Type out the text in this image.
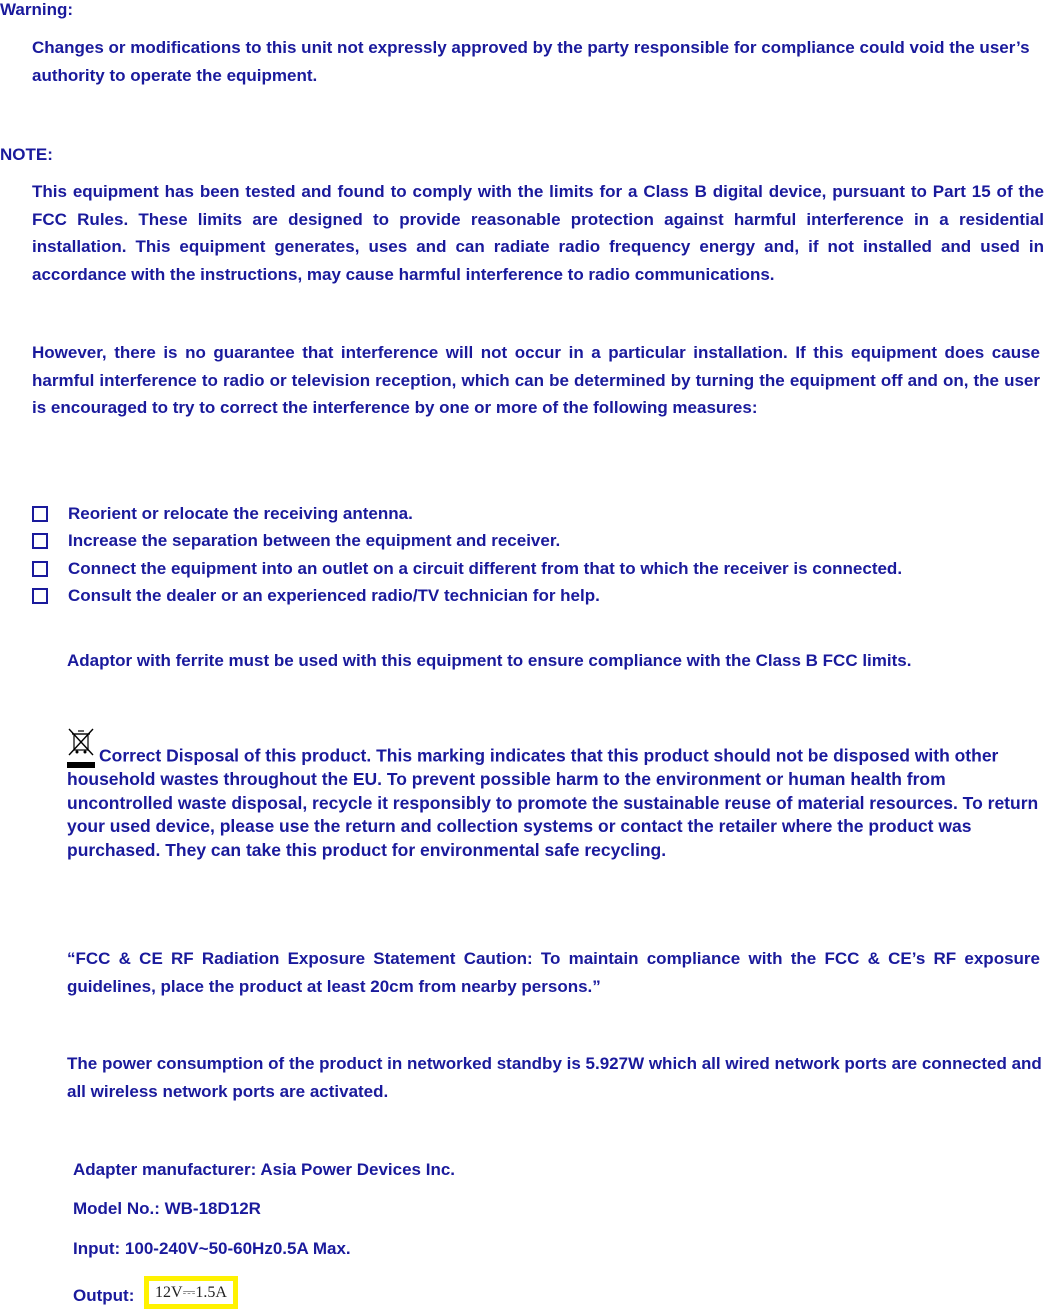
Warning:

Changes or modifications to this unit not expressly approved by the party responsible for compliance could void the user’s authority to operate the equipment.

NOTE:

This equipment has been tested and found to comply with the limits for a Class B digital device, pursuant to Part 15 of the FCC Rules. These limits are designed to provide reasonable protection against harmful interference in a residential installation. This equipment generates, uses and can radiate radio frequency energy and, if not installed and used in accordance with the instructions, may cause harmful interference to radio communications.

However, there is no guarantee that interference will not occur in a particular installation. If this equipment does cause harmful interference to radio or television reception, which can be determined by turning the equipment off and on, the user is encouraged to try to correct the interference by one or more of the following measures:

Reorient or relocate the receiving antenna.
Increase the separation between the equipment and receiver.
Connect the equipment into an outlet on a circuit different from that to which the receiver is connected.
Consult the dealer or an experienced radio/TV technician for help.

Adaptor with ferrite must be used with this equipment to ensure compliance with the Class B FCC limits.

Correct Disposal of this product. This marking indicates that this product should not be disposed with other household wastes throughout the EU. To prevent possible harm to the environment or human health from uncontrolled waste disposal, recycle it responsibly to promote the sustainable reuse of material resources. To return your used device, please use the return and collection systems or contact the retailer where the product was purchased. They can take this product for environmental safe recycling.

“FCC & CE RF Radiation Exposure Statement Caution: To maintain compliance with the FCC & CE’s RF exposure guidelines, place the product at least 20cm from nearby persons.”

The power consumption of the product in networked standby is 5.927W which all wired network ports are connected and all wireless network ports are activated.

Adapter manufacturer: Asia Power Devices Inc.

Model No.: WB-18D12R

Input: 100-240V~50-60Hz0.5A Max.

Output:	12V⎓1.5A
